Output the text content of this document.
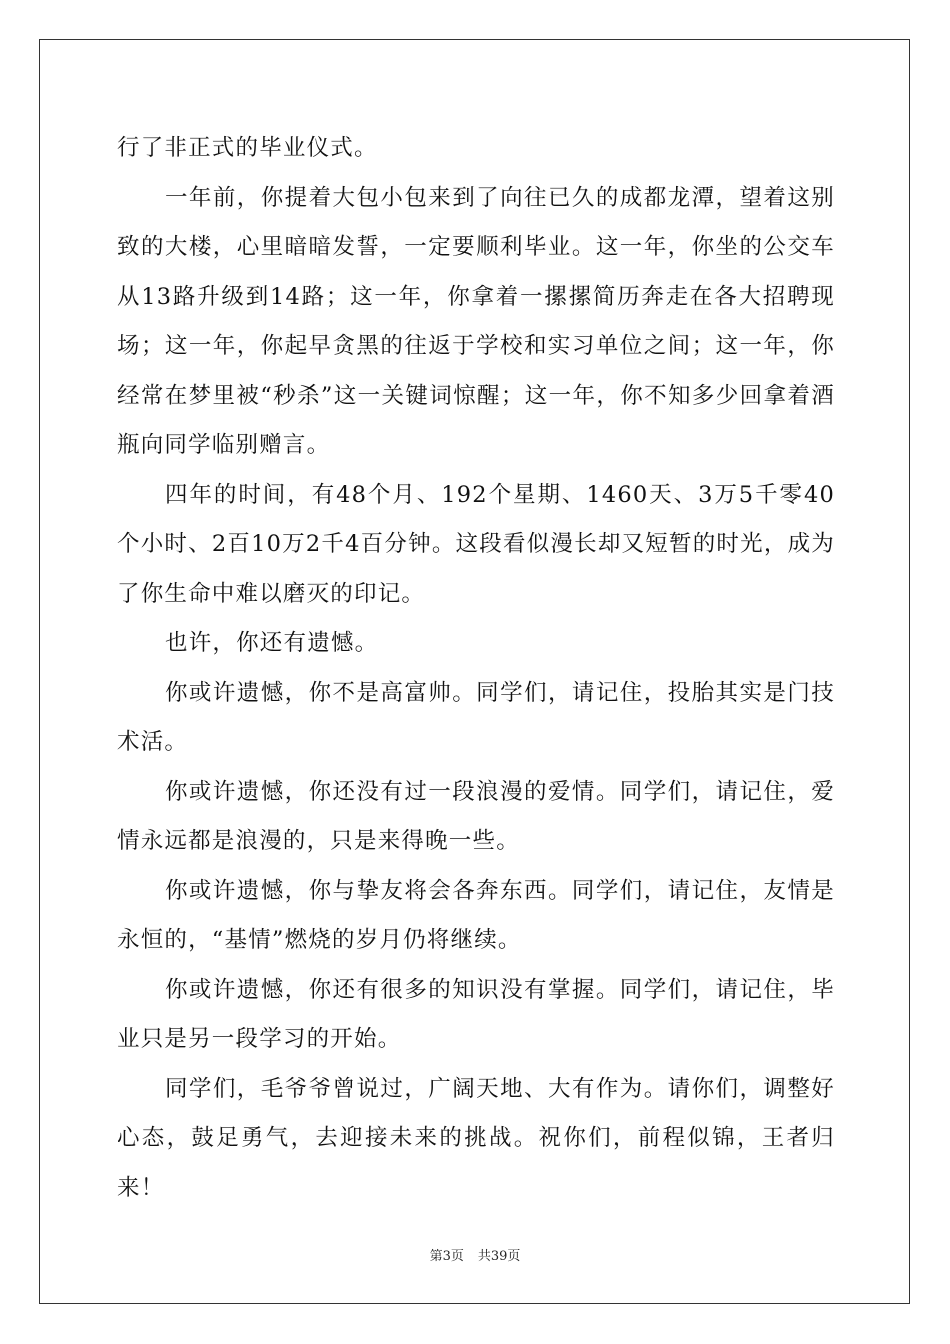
行了非正式的毕业仪式。

一年前，你提着大包小包来到了向往已久的成都龙潭，望着这别致的大楼，心里暗暗发誓，一定要顺利毕业。这一年，你坐的公交车从13路升级到14路；这一年，你拿着一摞摞简历奔走在各大招聘现场；这一年，你起早贪黑的往返于学校和实习单位之间；这一年，你经常在梦里被“秒杀”这一关键词惊醒；这一年，你不知多少回拿着酒瓶向同学临别赠言。

四年的时间，有48个月、192个星期、1460天、3万5千零40个小时、2百10万2千4百分钟。这段看似漫长却又短暂的时光，成为了你生命中难以磨灭的印记。

也许，你还有遗憾。

你或许遗憾，你不是高富帅。同学们，请记住，投胎其实是门技术活。

你或许遗憾，你还没有过一段浪漫的爱情。同学们，请记住，爱情永远都是浪漫的，只是来得晚一些。

你或许遗憾，你与挚友将会各奔东西。同学们，请记住，友情是永恒的，“基情”燃烧的岁月仍将继续。

你或许遗憾，你还有很多的知识没有掌握。同学们，请记住，毕业只是另一段学习的开始。

同学们，毛爷爷曾说过，广阔天地、大有作为。请你们，调整好心态，鼓足勇气，去迎接未来的挑战。祝你们，前程似锦，王者归来！

第3页 共39页
